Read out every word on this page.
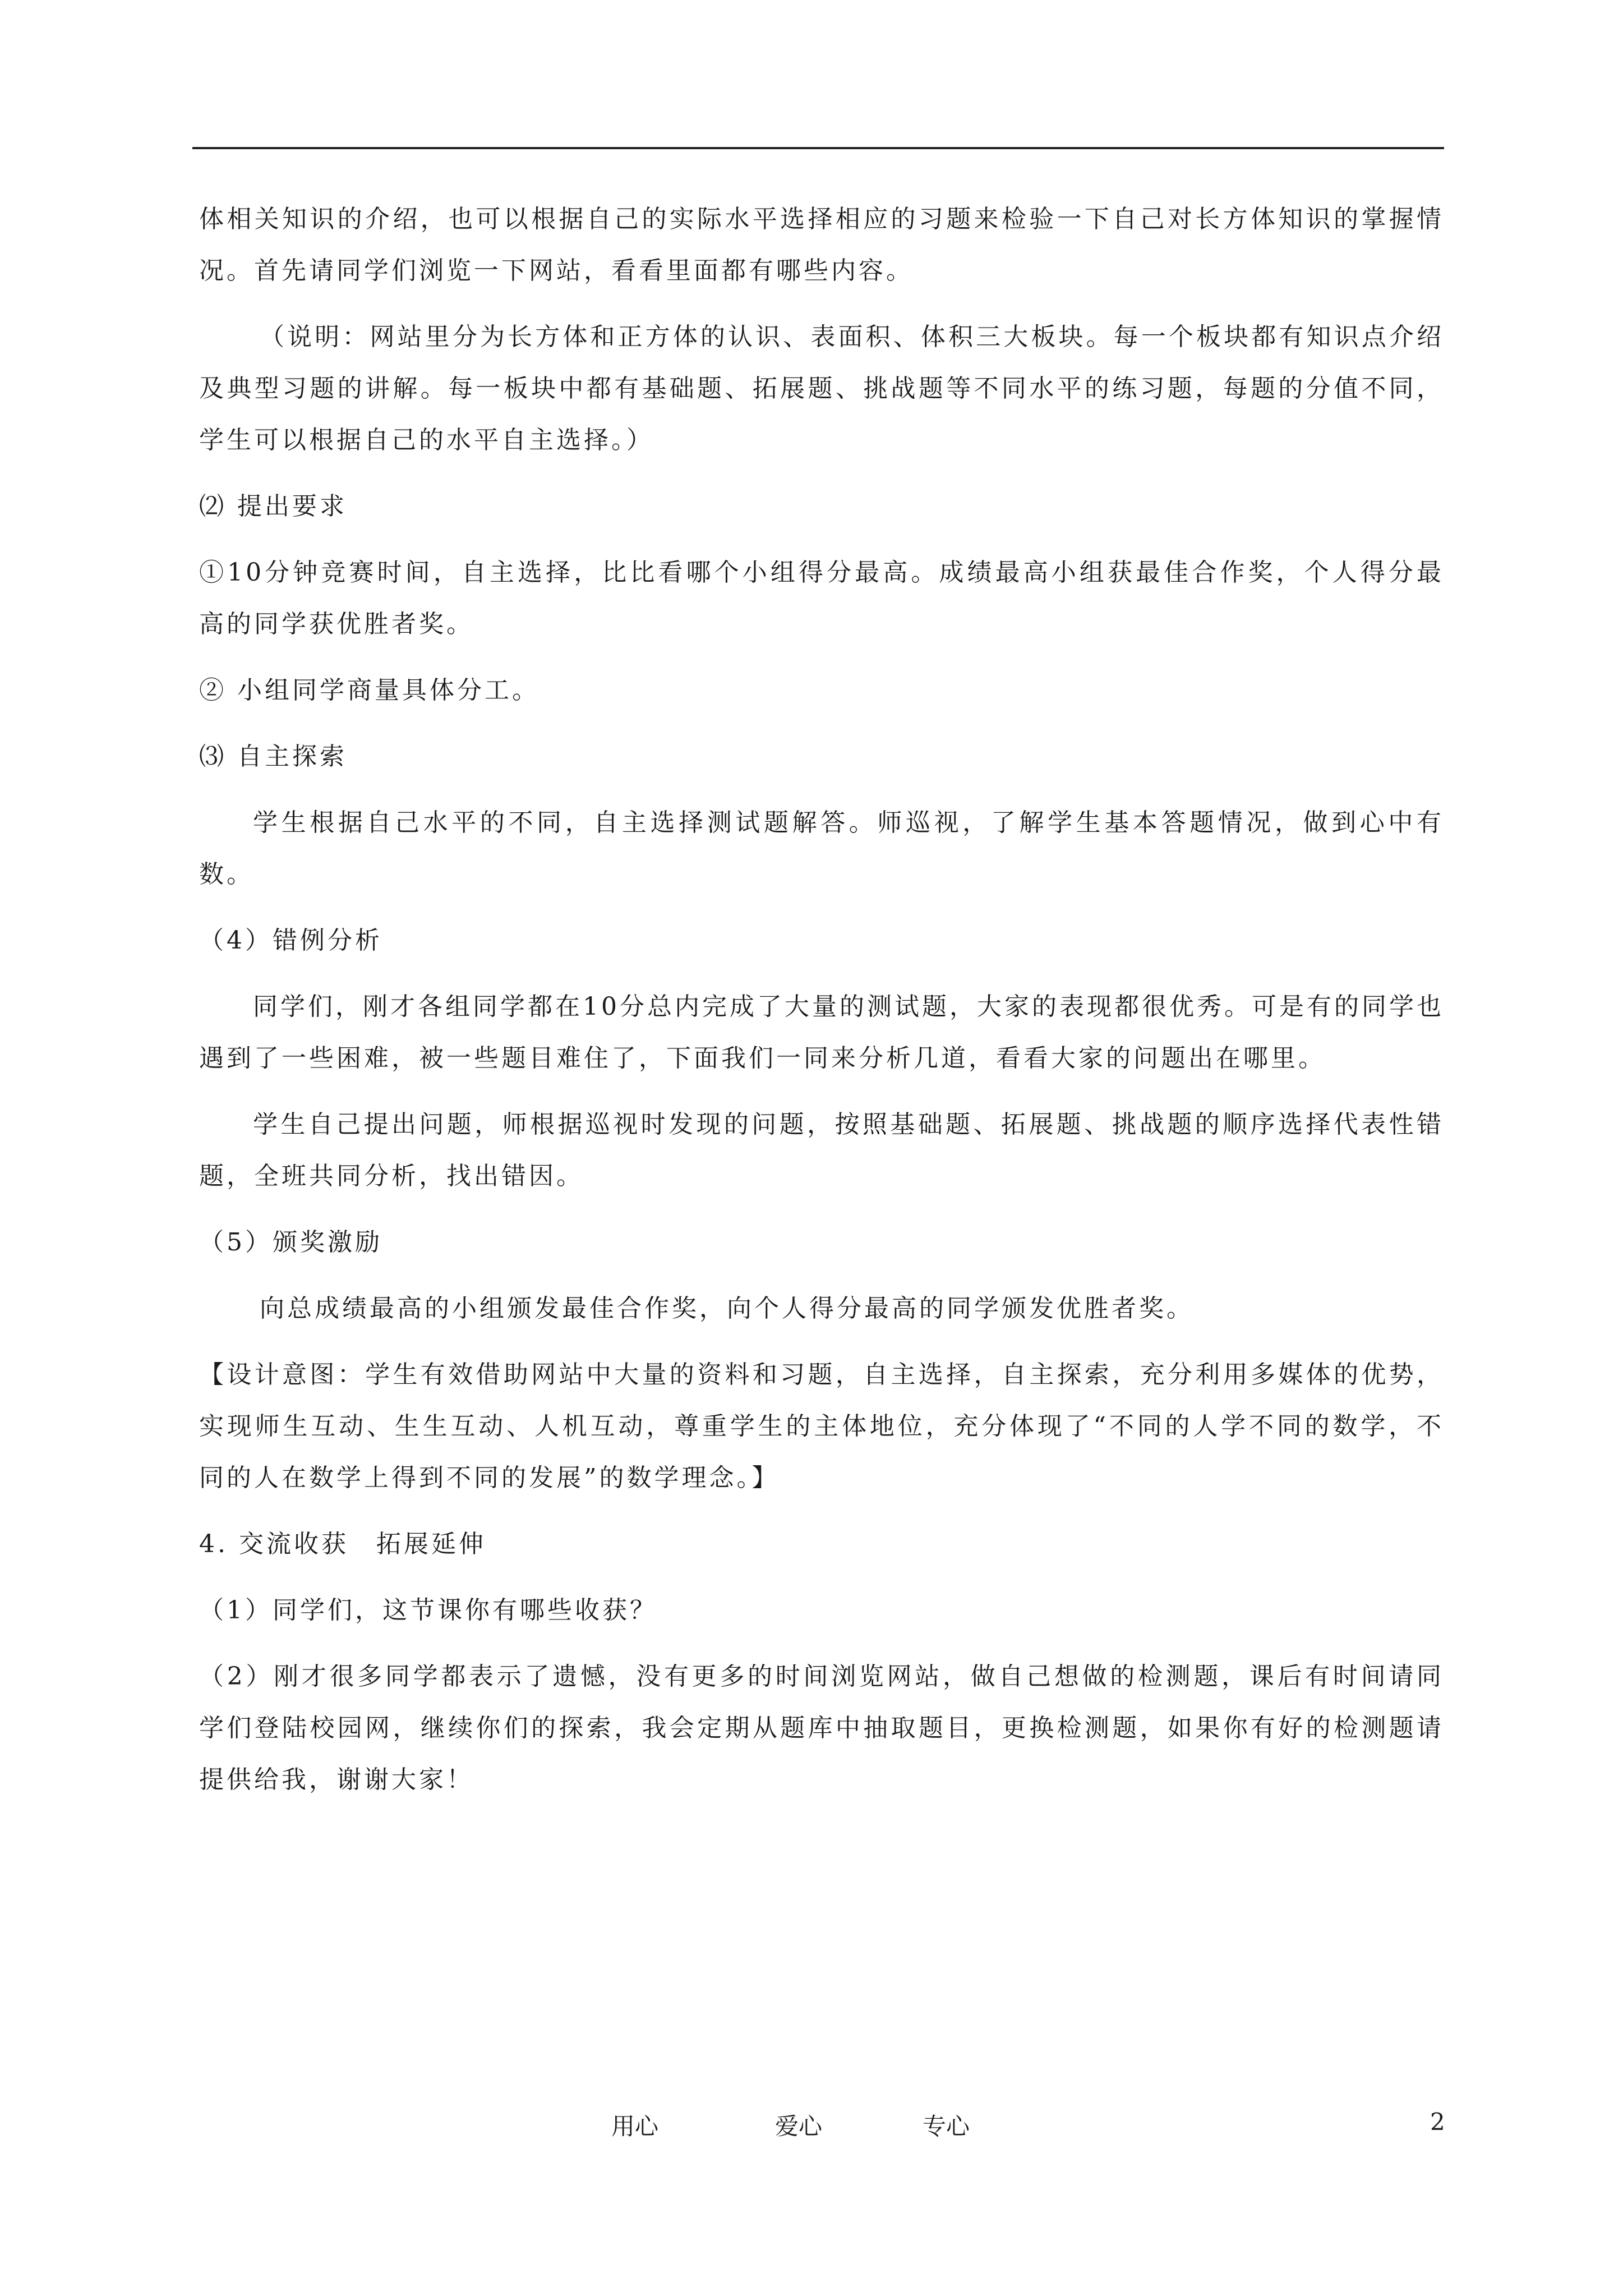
体相关知识的介绍，也可以根据自己的实际水平选择相应的习题来检验一下自己对长方体知识的掌握情况。首先请同学们浏览一下网站，看看里面都有哪些内容。

（说明：网站里分为长方体和正方体的认识、表面积、体积三大板块。每一个板块都有知识点介绍及典型习题的讲解。每一板块中都有基础题、拓展题、挑战题等不同水平的练习题，每题的分值不同，学生可以根据自己的水平自主选择。）

⑵ 提出要求

①10分钟竞赛时间，自主选择，比比看哪个小组得分最高。成绩最高小组获最佳合作奖，个人得分最高的同学获优胜者奖。

② 小组同学商量具体分工。

⑶ 自主探索

学生根据自己水平的不同，自主选择测试题解答。师巡视，了解学生基本答题情况，做到心中有数。

（4）错例分析

同学们，刚才各组同学都在10分总内完成了大量的测试题，大家的表现都很优秀。可是有的同学也遇到了一些困难，被一些题目难住了，下面我们一同来分析几道，看看大家的问题出在哪里。

学生自己提出问题，师根据巡视时发现的问题，按照基础题、拓展题、挑战题的顺序选择代表性错题，全班共同分析，找出错因。

（5）颁奖激励

向总成绩最高的小组颁发最佳合作奖，向个人得分最高的同学颁发优胜者奖。

【设计意图：学生有效借助网站中大量的资料和习题，自主选择，自主探索，充分利用多媒体的优势，实现师生互动、生生互动、人机互动，尊重学生的主体地位，充分体现了“不同的人学不同的数学，不同的人在数学上得到不同的发展”的数学理念。】

4. 交流收获　拓展延伸

（1）同学们，这节课你有哪些收获？

（2）刚才很多同学都表示了遗憾，没有更多的时间浏览网站，做自己想做的检测题，课后有时间请同学们登陆校园网，继续你们的探索，我会定期从题库中抽取题目，更换检测题，如果你有好的检测题请提供给我，谢谢大家！

用心	爱心	专心	2
